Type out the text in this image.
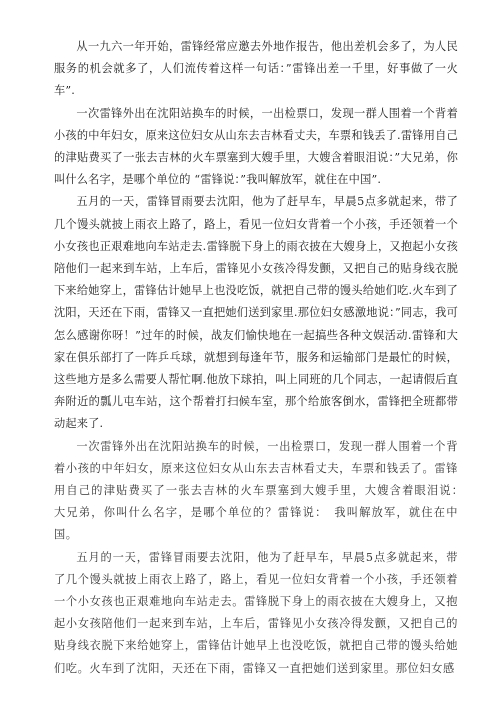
从一九六一年开始，雷锋经常应邀去外地作报告，他出差机会多了，为人民服务的机会就多了，人们流传着这样一句话：”雷锋出差一千里，好事做了一火车”.

一次雷锋外出在沈阳站换车的时候，一出检票口，发现一群人围着一个背着小孩的中年妇女，原来这位妇女从山东去吉林看丈夫，车票和钱丢了.雷锋用自己的津贴费买了一张去吉林的火车票塞到大嫂手里，大嫂含着眼泪说：”大兄弟，你叫什么名字，是哪个单位的 “雷锋说：”我叫解放军，就住在中国”.

五月的一天，雷锋冒雨要去沈阳，他为了赶早车，早晨5点多就起来，带了几个馒头就披上雨衣上路了，路上，看见一位妇女背着一个小孩，手还领着一个小女孩也正艰难地向车站走去.雷锋脱下身上的雨衣披在大嫂身上，又抱起小女孩陪他们一起来到车站，上车后，雷锋见小女孩冷得发颤，又把自己的贴身线衣脱下来给她穿上，雷锋估计她早上也没吃饭，就把自己带的馒头给她们吃.火车到了沈阳，天还在下雨，雷锋又一直把她们送到家里.那位妇女感激地说：”同志，我可怎么感谢你呀！”过年的时候，战友们愉快地在一起搞些各种文娱活动.雷锋和大家在俱乐部打了一阵乒乓球，就想到每逢年节，服务和运输部门是最忙的时候，这些地方是多么需要人帮忙啊.他放下球拍，叫上同班的几个同志，一起请假后直奔附近的瓢儿屯车站，这个帮着打扫候车室，那个给旅客倒水，雷锋把全班都带动起来了.

一次雷锋外出在沈阳站换车的时候，一出检票口，发现一群人围着一个背着小孩的中年妇女，原来这位妇女从山东去吉林看丈夫，车票和钱丢了。雷锋用自己的津贴费买了一张去吉林的火车票塞到大嫂手里，大嫂含着眼泪说：　大兄弟，你叫什么名字，是哪个单位的？雷锋说：　我叫解放军，就住在中国。

五月的一天，雷锋冒雨要去沈阳，他为了赶早车，早晨5点多就起来，带了几个馒头就披上雨衣上路了，路上，看见一位妇女背着一个小孩，手还领着一个小女孩也正艰难地向车站走去。雷锋脱下身上的雨衣披在大嫂身上，又抱起小女孩陪他们一起来到车站，上车后，雷锋见小女孩冷得发颤，又把自己的贴身线衣脱下来给她穿上，雷锋估计她早上也没吃饭，就把自己带的馒头给她们吃。火车到了沈阳，天还在下雨，雷锋又一直把她们送到家里。那位妇女感
